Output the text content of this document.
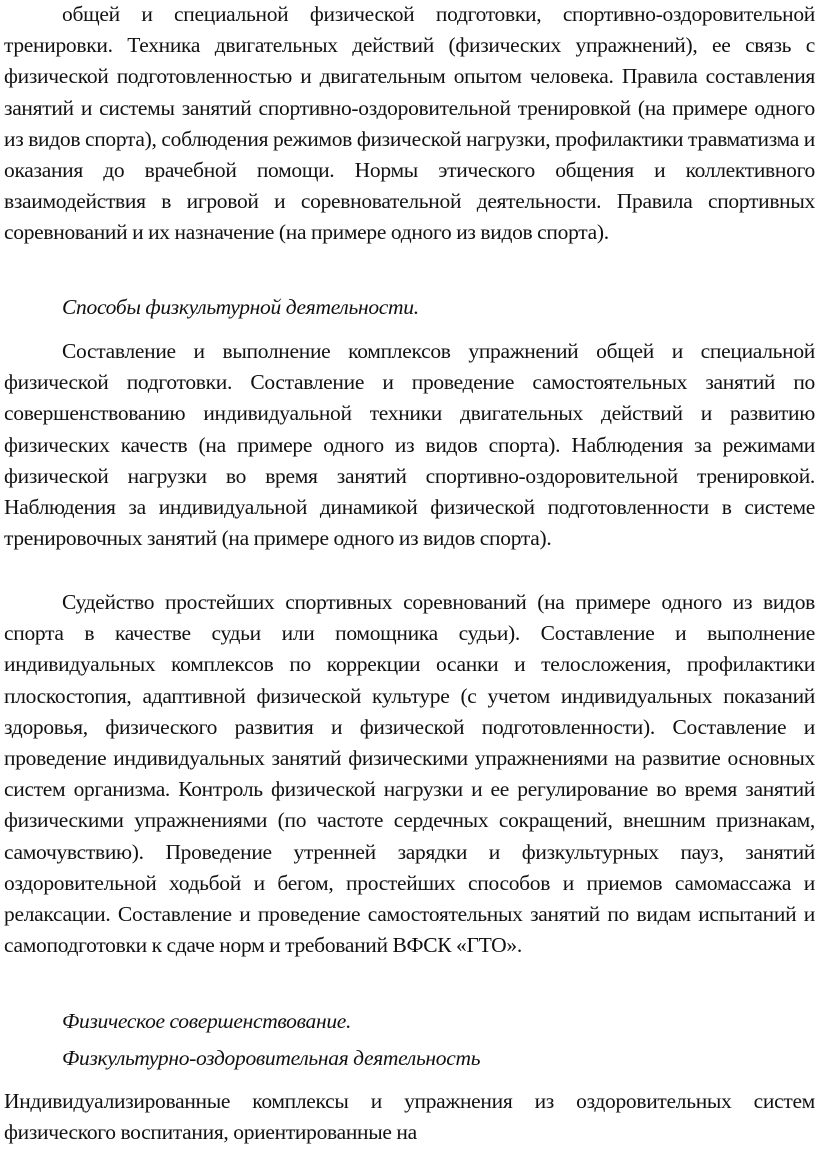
общей и специальной физической подготовки, спортивно-оздоровительной тренировки. Техника двигательных действий (физических упражнений), ее связь с физической подготовленностью и двигательным опытом человека. Правила составления занятий и системы занятий спортивно-оздоровительной тренировкой (на примере одного из видов спорта), соблюдения режимов физической нагрузки, профилактики травматизма и оказания до врачебной помощи. Нормы этического общения и коллективного взаимодействия в игровой и соревновательной деятельности. Правила спортивных соревнований и их назначение (на примере одного из видов спорта).

Способы физкультурной деятельности.

Составление и выполнение комплексов упражнений общей и специальной физической подготовки. Составление и проведение самостоятельных занятий по совершенствованию индивидуальной техники двигательных действий и развитию физических качеств (на примере одного из видов спорта). Наблюдения за режимами физической нагрузки во время занятий спортивно-оздоровительной тренировкой. Наблюдения за индивидуальной динамикой физической подготовленности в системе тренировочных занятий (на примере одного из видов спорта).

Судейство простейших спортивных соревнований (на примере одного из видов спорта в качестве судьи или помощника судьи). Составление и выполнение индивидуальных комплексов по коррекции осанки и телосложения, профилактики плоскостопия, адаптивной физической культуре (с учетом индивидуальных показаний здоровья, физического развития и физической подготовленности). Составление и проведение индивидуальных занятий физическими упражнениями на развитие основных систем организма. Контроль физической нагрузки и ее регулирование во время занятий физическими упражнениями (по частоте сердечных сокращений, внешним признакам, самочувствию). Проведение утренней зарядки и физкультурных пауз, занятий оздоровительной ходьбой и бегом, простейших способов и приемов самомассажа и релаксации. Составление и проведение самостоятельных занятий по видам испытаний и самоподготовки к сдаче норм и требований ВФСК «ГТО».

Физическое совершенствование.

Физкультурно-оздоровительная деятельность

Индивидуализированные комплексы и упражнения из оздоровительных систем физического воспитания, ориентированные на
